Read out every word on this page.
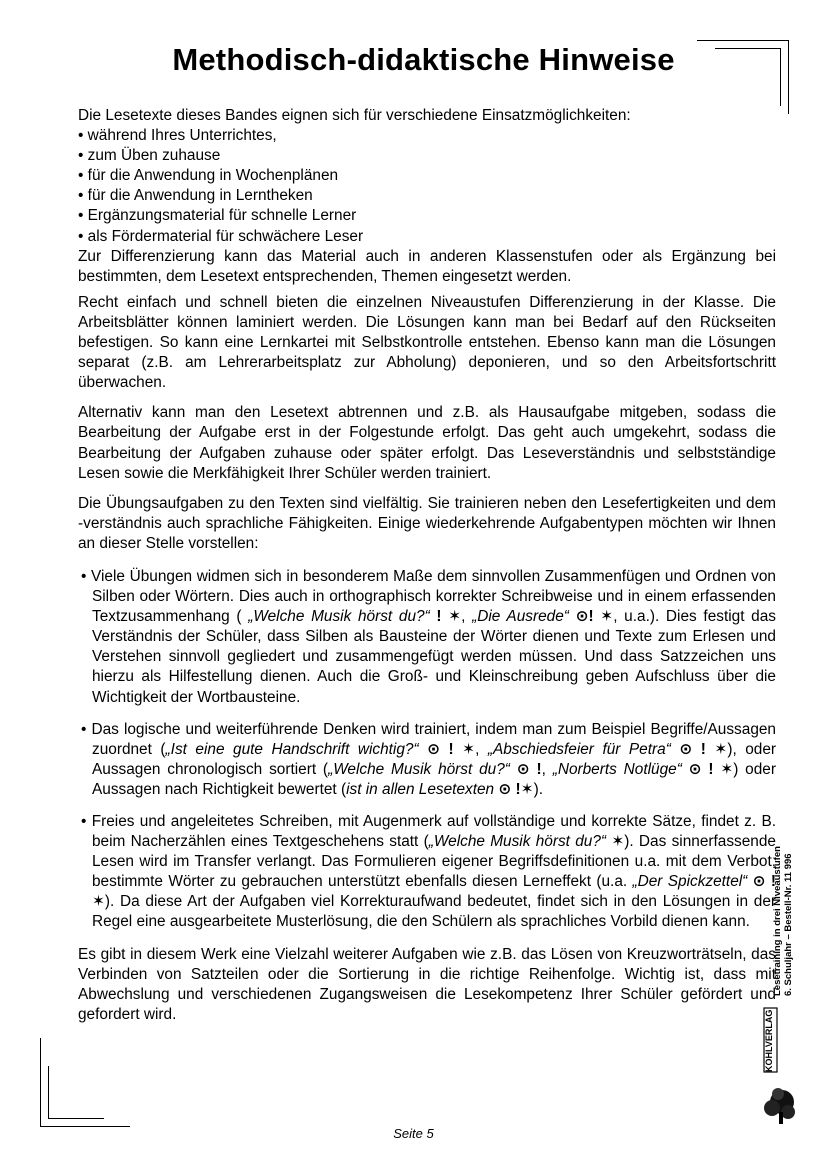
Methodisch-didaktische Hinweise

Die Lesetexte dieses Bandes eignen sich für verschiedene Einsatzmöglichkeiten:

• während Ihres Unterrichtes,
• zum Üben zuhause
• für die Anwendung in Wochenplänen
• für die Anwendung in Lerntheken
• Ergänzungsmaterial für schnelle Lerner
• als Fördermaterial für schwächere Leser

Zur Differenzierung kann das Material auch in anderen Klassenstufen oder als Ergänzung bei bestimmten, dem Lesetext entsprechenden, Themen eingesetzt werden.

Recht einfach und schnell bieten die einzelnen Niveaustufen Differenzierung in der Klasse. Die Arbeitsblätter können laminiert werden. Die Lösungen kann man bei Bedarf auf den Rückseiten befestigen. So kann eine Lernkartei mit Selbstkontrolle entstehen. Ebenso kann man die Lösungen separat (z.B. am Lehrerarbeitsplatz zur Abholung) deponieren, und so den Arbeitsfortschritt überwachen.

Alternativ kann man den Lesetext abtrennen und z.B. als Hausaufgabe mitgeben, sodass die Bearbeitung der Aufgabe erst in der Folgestunde erfolgt. Das geht auch umgekehrt, sodass die Bearbeitung der Aufgaben zuhause oder später erfolgt. Das Leseverständnis und selbstständige Lesen sowie die Merkfähigkeit Ihrer Schüler werden trainiert.

Die Übungsaufgaben zu den Texten sind vielfältig. Sie trainieren neben den Lesefertigkeiten und dem -verständnis auch sprachliche Fähigkeiten. Einige wiederkehrende Aufgabentypen möchten wir Ihnen an dieser Stelle vorstellen:

• Viele Übungen widmen sich in besonderem Maße dem sinnvollen Zusammenfügen und Ordnen von Silben oder Wörtern. Dies auch in orthographisch korrekter Schreibweise und in einem erfassenden Textzusammenhang ( „Welche Musik hörst du?“ ! ✶, „Die Ausrede“ ⊙! ✶, u.a.). Dies festigt das Verständnis der Schüler, dass Silben als Bausteine der Wörter dienen und Texte zum Erlesen und Verstehen sinnvoll gegliedert und zusammengefügt werden müssen. Und dass Satzzeichen uns hierzu als Hilfestellung dienen. Auch die Groß- und Kleinschreibung geben Aufschluss über die Wichtigkeit der Wortbausteine.
• Das logische und weiterführende Denken wird trainiert, indem man zum Beispiel Begriffe/Aussagen zuordnet („Ist eine gute Handschrift wichtig?“ ⊙ ! ✶, „Abschiedsfeier für Petra“ ⊙ ! ✶), oder Aussagen chronologisch sortiert („Welche Musik hörst du?“ ⊙ !, „Norberts Notlüge“ ⊙ ! ✶) oder Aussagen nach Richtigkeit bewertet (ist in allen Lesetexten ⊙ !✶).
• Freies und angeleitetes Schreiben, mit Augenmerk auf vollständige und korrekte Sätze, findet z. B. beim Nacherzählen eines Textgeschehens statt („Welche Musik hörst du?“ ✶). Das sinnerfassende Lesen wird im Transfer verlangt. Das Formulieren eigener Begriffsdefinitionen u.a. mit dem Verbot, bestimmte Wörter zu gebrauchen unterstützt ebenfalls diesen Lerneffekt (u.a. „Der Spickzettel“ ⊙ ! ✶). Da diese Art der Aufgaben viel Korrekturaufwand bedeutet, findet sich in den Lösungen in der Regel eine ausgearbeitete Musterlösung, die den Schülern als sprachliches Vorbild dienen kann.

Es gibt in diesem Werk eine Vielzahl weiterer Aufgaben wie z.B. das Lösen von Kreuzworträtseln, das Verbinden von Satzteilen oder die Sortierung in die richtige Reihenfolge. Wichtig ist, dass mit Abwechslung und verschiedenen Zugangsweisen die Lesekompetenz Ihrer Schüler gefördert und gefordert wird.

Lesetraining in drei Niveaustufen 6. Schuljahr – Bestell-Nr. 11 996
KOHLVERLAG
Seite 5
